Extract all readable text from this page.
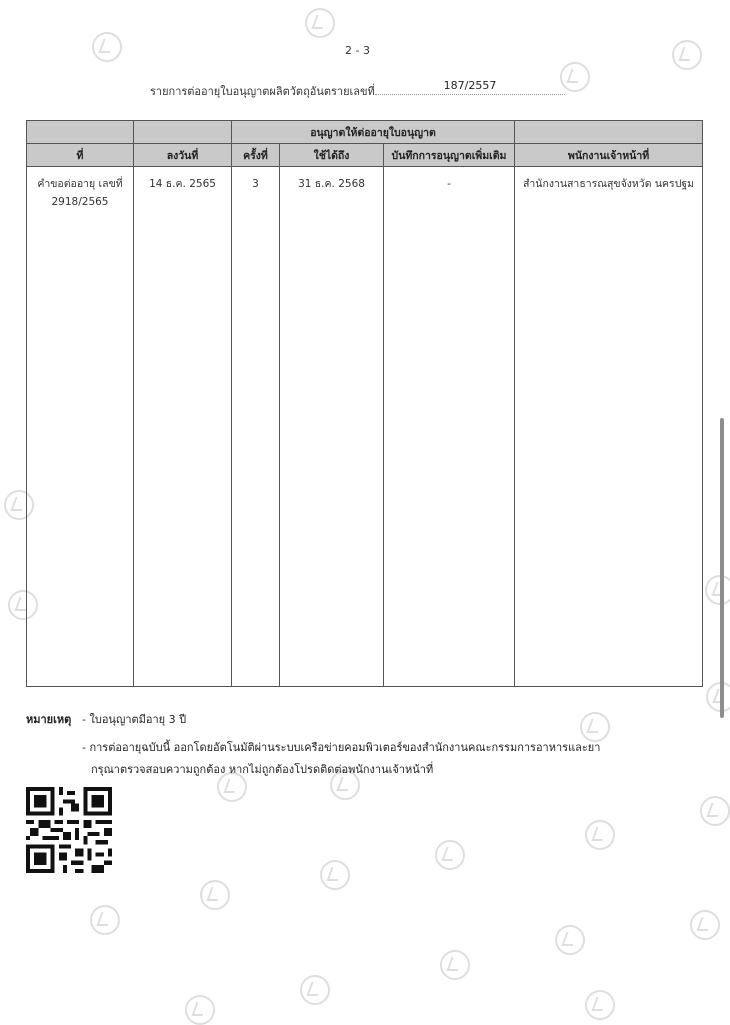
2 - 3
รายการต่ออายุใบอนุญาตผลิตวัตถุอันตรายเลขที่	187/2557
		อนุญาตให้ต่ออายุใบอนุญาต			
ที่	ลงวันที่	ครั้งที่	ใช้ได้ถึง	บันทึกการอนุญาตเพิ่มเติม	พนักงานเจ้าหน้าที่

คำขอต่ออายุ เลขที่
2918/2565	14 ธ.ค. 2565	3	31 ธ.ค. 2568	-	สำนักงานสาธารณสุขจังหวัด นครปฐม
หมายเหตุ - ใบอนุญาตมีอายุ 3 ปี
- การต่ออายุฉบับนี้ ออกโดยอัตโนมัติผ่านระบบเครือข่ายคอมพิวเตอร์ของสำนักงานคณะกรรมการอาหารและยา
กรุณาตรวจสอบความถูกต้อง หากไม่ถูกต้องโปรดติดต่อพนักงานเจ้าหน้าที่
